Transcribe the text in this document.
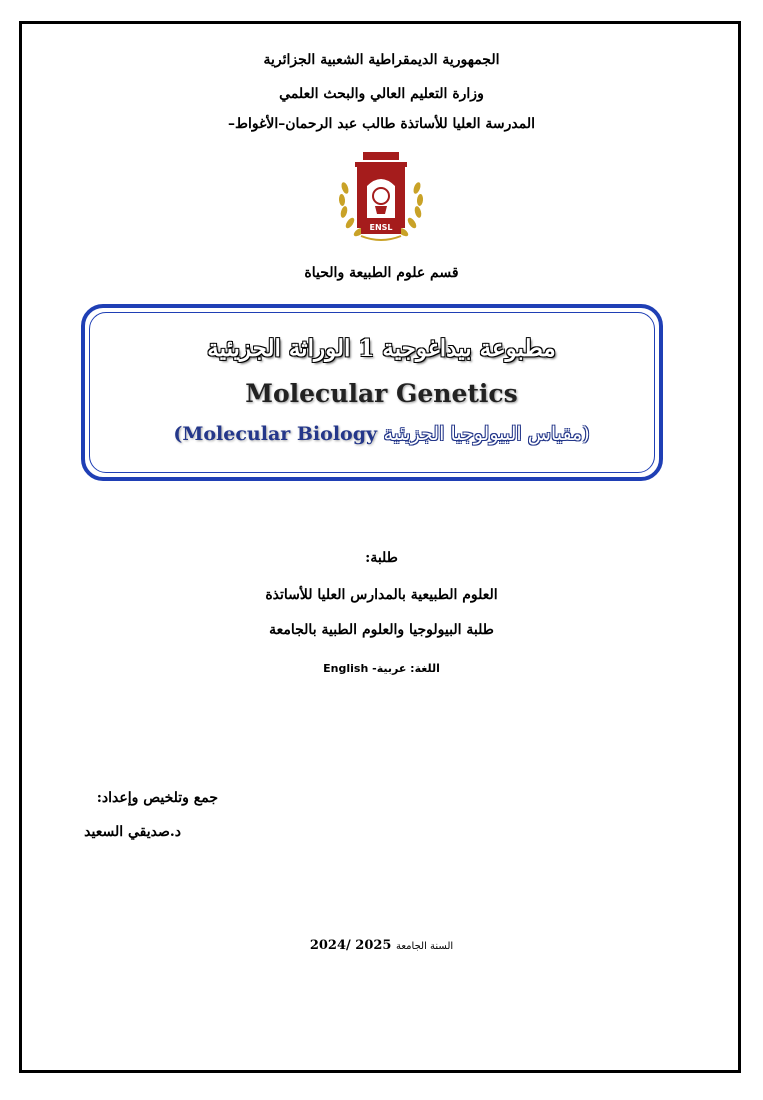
الجمهورية الديمقراطية الشعبية الجزائرية
وزارة التعليم العالي والبحث العلمي
المدرسة العليا للأساتذة طالب عبد الرحمان–الأغواط–
ENSL
قسم علوم الطبيعة والحياة
مطبوعة بيداغوجية 1 الوراثة الجزيئية
Molecular Genetics
(مقياس البيولوجيا الجزيئية Molecular Biology)
طلبة:
العلوم الطبيعية بالمدارس العليا للأساتذة
طلبة البيولوجيا والعلوم الطبية بالجامعة
اللغة: عربية- English
جمع وتلخيص وإعداد:
د.صديقي السعيد
السنة الجامعة 2024/ 2025
